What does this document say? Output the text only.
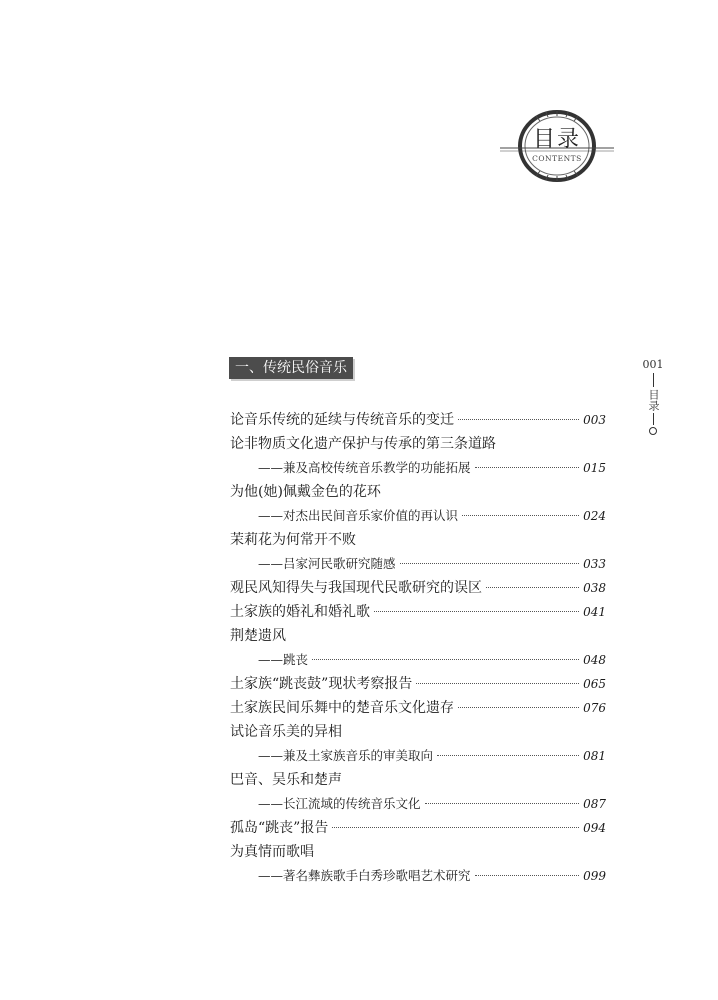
目录
CONTENTS
一、传统民俗音乐	001
目录
论音乐传统的延续与传统音乐的变迁	003
论非物质文化遗产保护与传承的第三条道路
——兼及高校传统音乐教学的功能拓展	015
为他(她)佩戴金色的花环
——对杰出民间音乐家价值的再认识	024
茉莉花为何常开不败
——吕家河民歌研究随感	033
观民风知得失与我国现代民歌研究的误区	038
土家族的婚礼和婚礼歌	041
荆楚遗风
——跳丧	048
土家族“跳丧鼓”现状考察报告	065
土家族民间乐舞中的楚音乐文化遗存	076
试论音乐美的异相
——兼及土家族音乐的审美取向	081
巴音、吴乐和楚声
——长江流域的传统音乐文化	087
孤岛“跳丧”报告	094
为真情而歌唱
——著名彝族歌手白秀珍歌唱艺术研究	099
